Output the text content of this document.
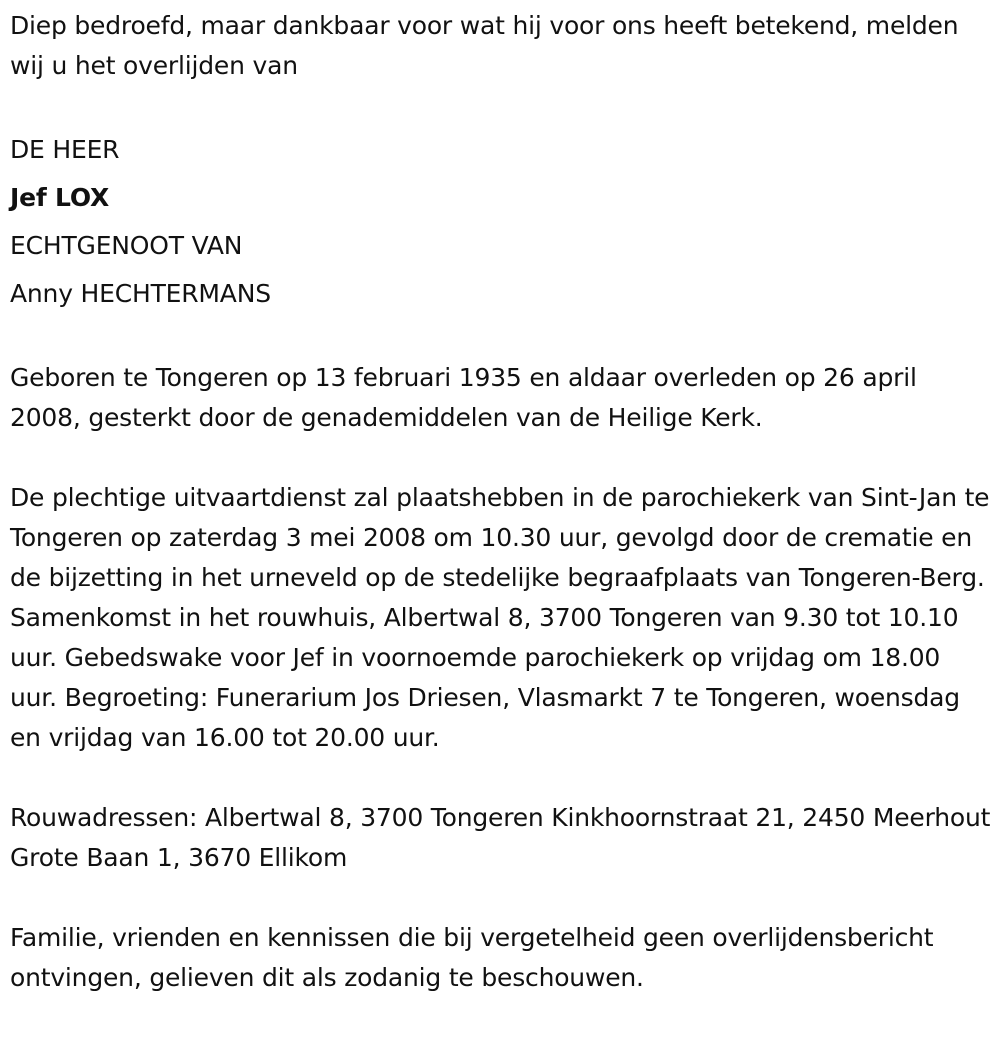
Diep bedroefd, maar dankbaar voor wat hij voor ons heeft betekend, melden wij u het overlijden van

DE HEER

Jef LOX

ECHTGENOOT VAN

Anny HECHTERMANS

Geboren te Tongeren op 13 februari 1935 en aldaar overleden op 26 april 2008, gesterkt door de genademiddelen van de Heilige Kerk.

De plechtige uitvaartdienst zal plaatshebben in de parochiekerk van Sint-Jan te Tongeren op zaterdag 3 mei 2008 om 10.30 uur, gevolgd door de crematie en de bijzetting in het urneveld op de stedelijke begraafplaats van Tongeren-Berg. Samenkomst in het rouwhuis, Albertwal 8, 3700 Tongeren van 9.30 tot 10.10 uur. Gebedswake voor Jef in voornoemde parochiekerk op vrijdag om 18.00 uur. Begroeting: Funerarium Jos Driesen, Vlasmarkt 7 te Tongeren, woensdag en vrijdag van 16.00 tot 20.00 uur.

Rouwadressen: Albertwal 8, 3700 Tongeren Kinkhoornstraat 21, 2450 Meerhout Grote Baan 1, 3670 Ellikom

Familie, vrienden en kennissen die bij vergetelheid geen overlijdensbericht ontvingen, gelieven dit als zodanig te beschouwen.
